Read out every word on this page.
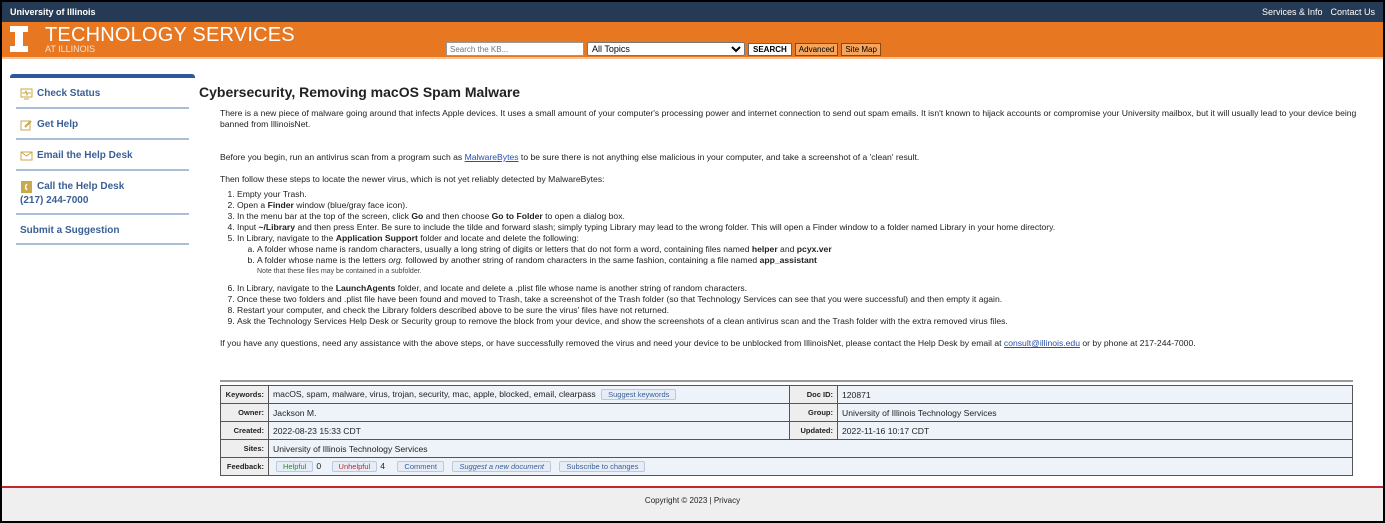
University of Illinois	Services & Info Contact Us
TECHNOLOGY SERVICES
AT ILLINOIS
Search the KB...
All Topics	SEARCH	Advanced	Site Map
Check Status
Get Help
Email the Help Desk
Call the Help Desk
(217) 244-7000
Submit a Suggestion
Cybersecurity, Removing macOS Spam Malware

There is a new piece of malware going around that infects Apple devices. It uses a small amount of your computer's processing power and internet connection to send out spam emails. It isn't known to hijack accounts or compromise your University mailbox, but it will usually lead to your device being banned from IllinoisNet.

Before you begin, run an antivirus scan from a program such as MalwareBytes to be sure there is not anything else malicious in your computer, and take a screenshot of a 'clean' result.

Then follow these steps to locate the newer virus, which is not yet reliably detected by MalwareBytes:

1. Empty your Trash.
2. Open a Finder window (blue/gray face icon).
3. In the menu bar at the top of the screen, click Go and then choose Go to Folder to open a dialog box.
4. Input ~/Library and then press Enter. Be sure to include the tilde and forward slash; simply typing Library may lead to the wrong folder. This will open a Finder window to a folder named Library in your home directory.
5. In Library, navigate to the Application Support folder and locate and delete the following:
a. A folder whose name is random characters, usually a long string of digits or letters that do not form a word, containing files named helper and pcyx.ver
b. A folder whose name is the letters org. followed by another string of random characters in the same fashion, containing a file named app_assistant
Note that these files may be contained in a subfolder.
6. In Library, navigate to the LaunchAgents folder, and locate and delete a .plist file whose name is another string of random characters.
7. Once these two folders and .plist file have been found and moved to Trash, take a screenshot of the Trash folder (so that Technology Services can see that you were successful) and then empty it again.
8. Restart your computer, and check the Library folders described above to be sure the virus' files have not returned.
9. Ask the Technology Services Help Desk or Security group to remove the block from your device, and show the screenshots of a clean antivirus scan and the Trash folder with the extra removed virus files.

If you have any questions, need any assistance with the above steps, or have successfully removed the virus and need your device to be unblocked from IllinoisNet, please contact the Help Desk by email at consult@illinois.edu or by phone at 217-244-7000.

Keywords:	macOS, spam, malware, virus, trojan, security, mac, apple, blocked, email, clearpass Suggest keywords	Doc ID:	120871
Owner:	Jackson M.	Group:	University of Illinois Technology Services
Created:	2022-08-23 15:33 CDT	Updated:	2022-11-16 10:17 CDT
Sites:	University of Illinois Technology Services		
Feedback:	Helpful 0 Unhelpful 4 Comment Suggest a new document Subscribe to changes		
Copyright © 2023 | Privacy
